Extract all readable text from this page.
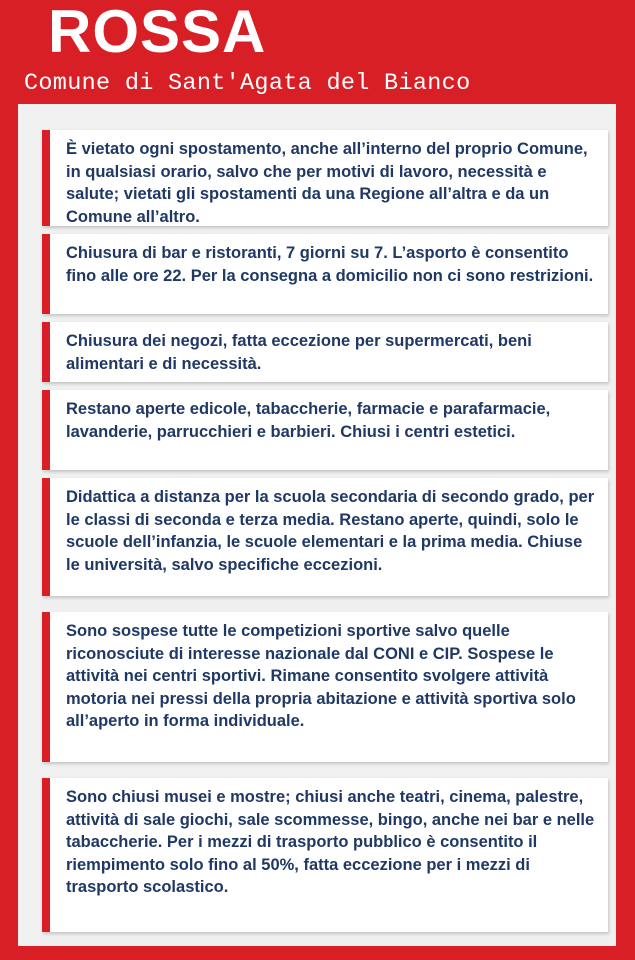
ROSSA
Comune di Sant'Agata del Bianco

È vietato ogni spostamento, anche all’interno del proprio Comune, in qualsiasi orario, salvo che per motivi di lavoro, necessità e salute; vietati gli spostamenti da una Regione all’altra e da un Comune all’altro.

Chiusura di bar e ristoranti, 7 giorni su 7. L’asporto è consentito fino alle ore 22. Per la consegna a domicilio non ci sono restrizioni.

Chiusura dei negozi, fatta eccezione per supermercati, beni alimentari e di necessità.

Restano aperte edicole, tabaccherie, farmacie e parafarmacie, lavanderie, parrucchieri e barbieri. Chiusi i centri estetici.

Didattica a distanza per la scuola secondaria di secondo grado, per le classi di seconda e terza media. Restano aperte, quindi, solo le scuole dell’infanzia, le scuole elementari e la prima media. Chiuse le università, salvo specifiche eccezioni.

Sono sospese tutte le competizioni sportive salvo quelle riconosciute di interesse nazionale dal CONI e CIP. Sospese le attività nei centri sportivi. Rimane consentito svolgere attività motoria nei pressi della propria abitazione e attività sportiva solo all’aperto in forma individuale.

Sono chiusi musei e mostre; chiusi anche teatri, cinema, palestre, attività di sale giochi, sale scommesse, bingo, anche nei bar e nelle tabaccherie. Per i mezzi di trasporto pubblico è consentito il riempimento solo fino al 50%, fatta eccezione per i mezzi di trasporto scolastico.
